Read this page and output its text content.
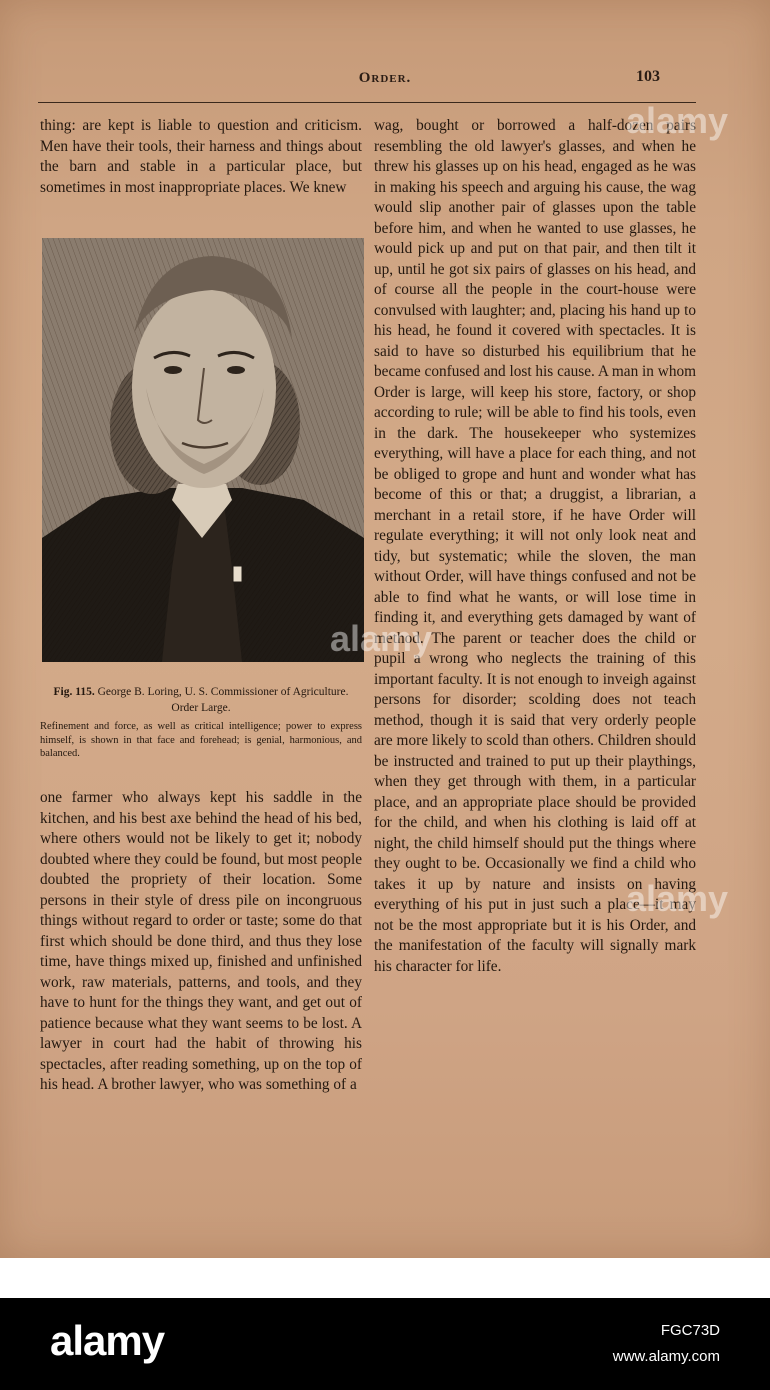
Order.	103
thing: are kept is liable to question and criticism. Men have their tools, their harness and things about the barn and stable in a particular place, but sometimes in most inappropriate places. We knew
Fig. 115. George B. Loring, U. S. Commissioner of Agriculture. Order Large.
Refinement and force, as well as critical intelligence; power to express himself, is shown in that face and forehead; is genial, harmonious, and balanced.
one farmer who always kept his saddle in the kitchen, and his best axe behind the head of his bed, where others would not be likely to get it; nobody doubted where they could be found, but most people doubted the propriety of their location. Some persons in their style of dress pile on incongruous things without regard to order or taste; some do that first which should be done third, and thus they lose time, have things mixed up, finished and unfinished work, raw materials, patterns, and tools, and they have to hunt for the things they want, and get out of patience because what they want seems to be lost. A lawyer in court had the habit of throwing his spectacles, after reading something, up on the top of his head. A brother lawyer, who was something of a
wag, bought or borrowed a half-dozen pairs resembling the old lawyer's glasses, and when he threw his glasses up on his head, engaged as he was in making his speech and arguing his cause, the wag would slip another pair of glasses upon the table before him, and when he wanted to use glasses, he would pick up and put on that pair, and then tilt it up, until he got six pairs of glasses on his head, and of course all the people in the court-house were convulsed with laughter; and, placing his hand up to his head, he found it covered with spectacles. It is said to have so disturbed his equilibrium that he became confused and lost his cause. A man in whom Order is large, will keep his store, factory, or shop according to rule; will be able to find his tools, even in the dark. The housekeeper who systemizes everything, will have a place for each thing, and not be obliged to grope and hunt and wonder what has become of this or that; a druggist, a librarian, a merchant in a retail store, if he have Order will regulate everything; it will not only look neat and tidy, but systematic; while the sloven, the man without Order, will have things confused and not be able to find what he wants, or will lose time in finding it, and everything gets damaged by want of method. The parent or teacher does the child or pupil a wrong who neglects the training of this important faculty. It is not enough to inveigh against persons for disorder; scolding does not teach method, though it is said that very orderly people are more likely to scold than others. Children should be instructed and trained to put up their playthings, when they get through with them, in a particular place, and an appropriate place should be provided for the child, and when his clothing is laid off at night, the child himself should put the things where they ought to be. Occasionally we find a child who takes it up by nature and insists on having everything of his put in just such a place—it may not be the most appropriate but it is his Order, and the manifestation of the faculty will signally mark his character for life.
alamy
alamy
alamy
alamy	FGC73D
www.alamy.com
